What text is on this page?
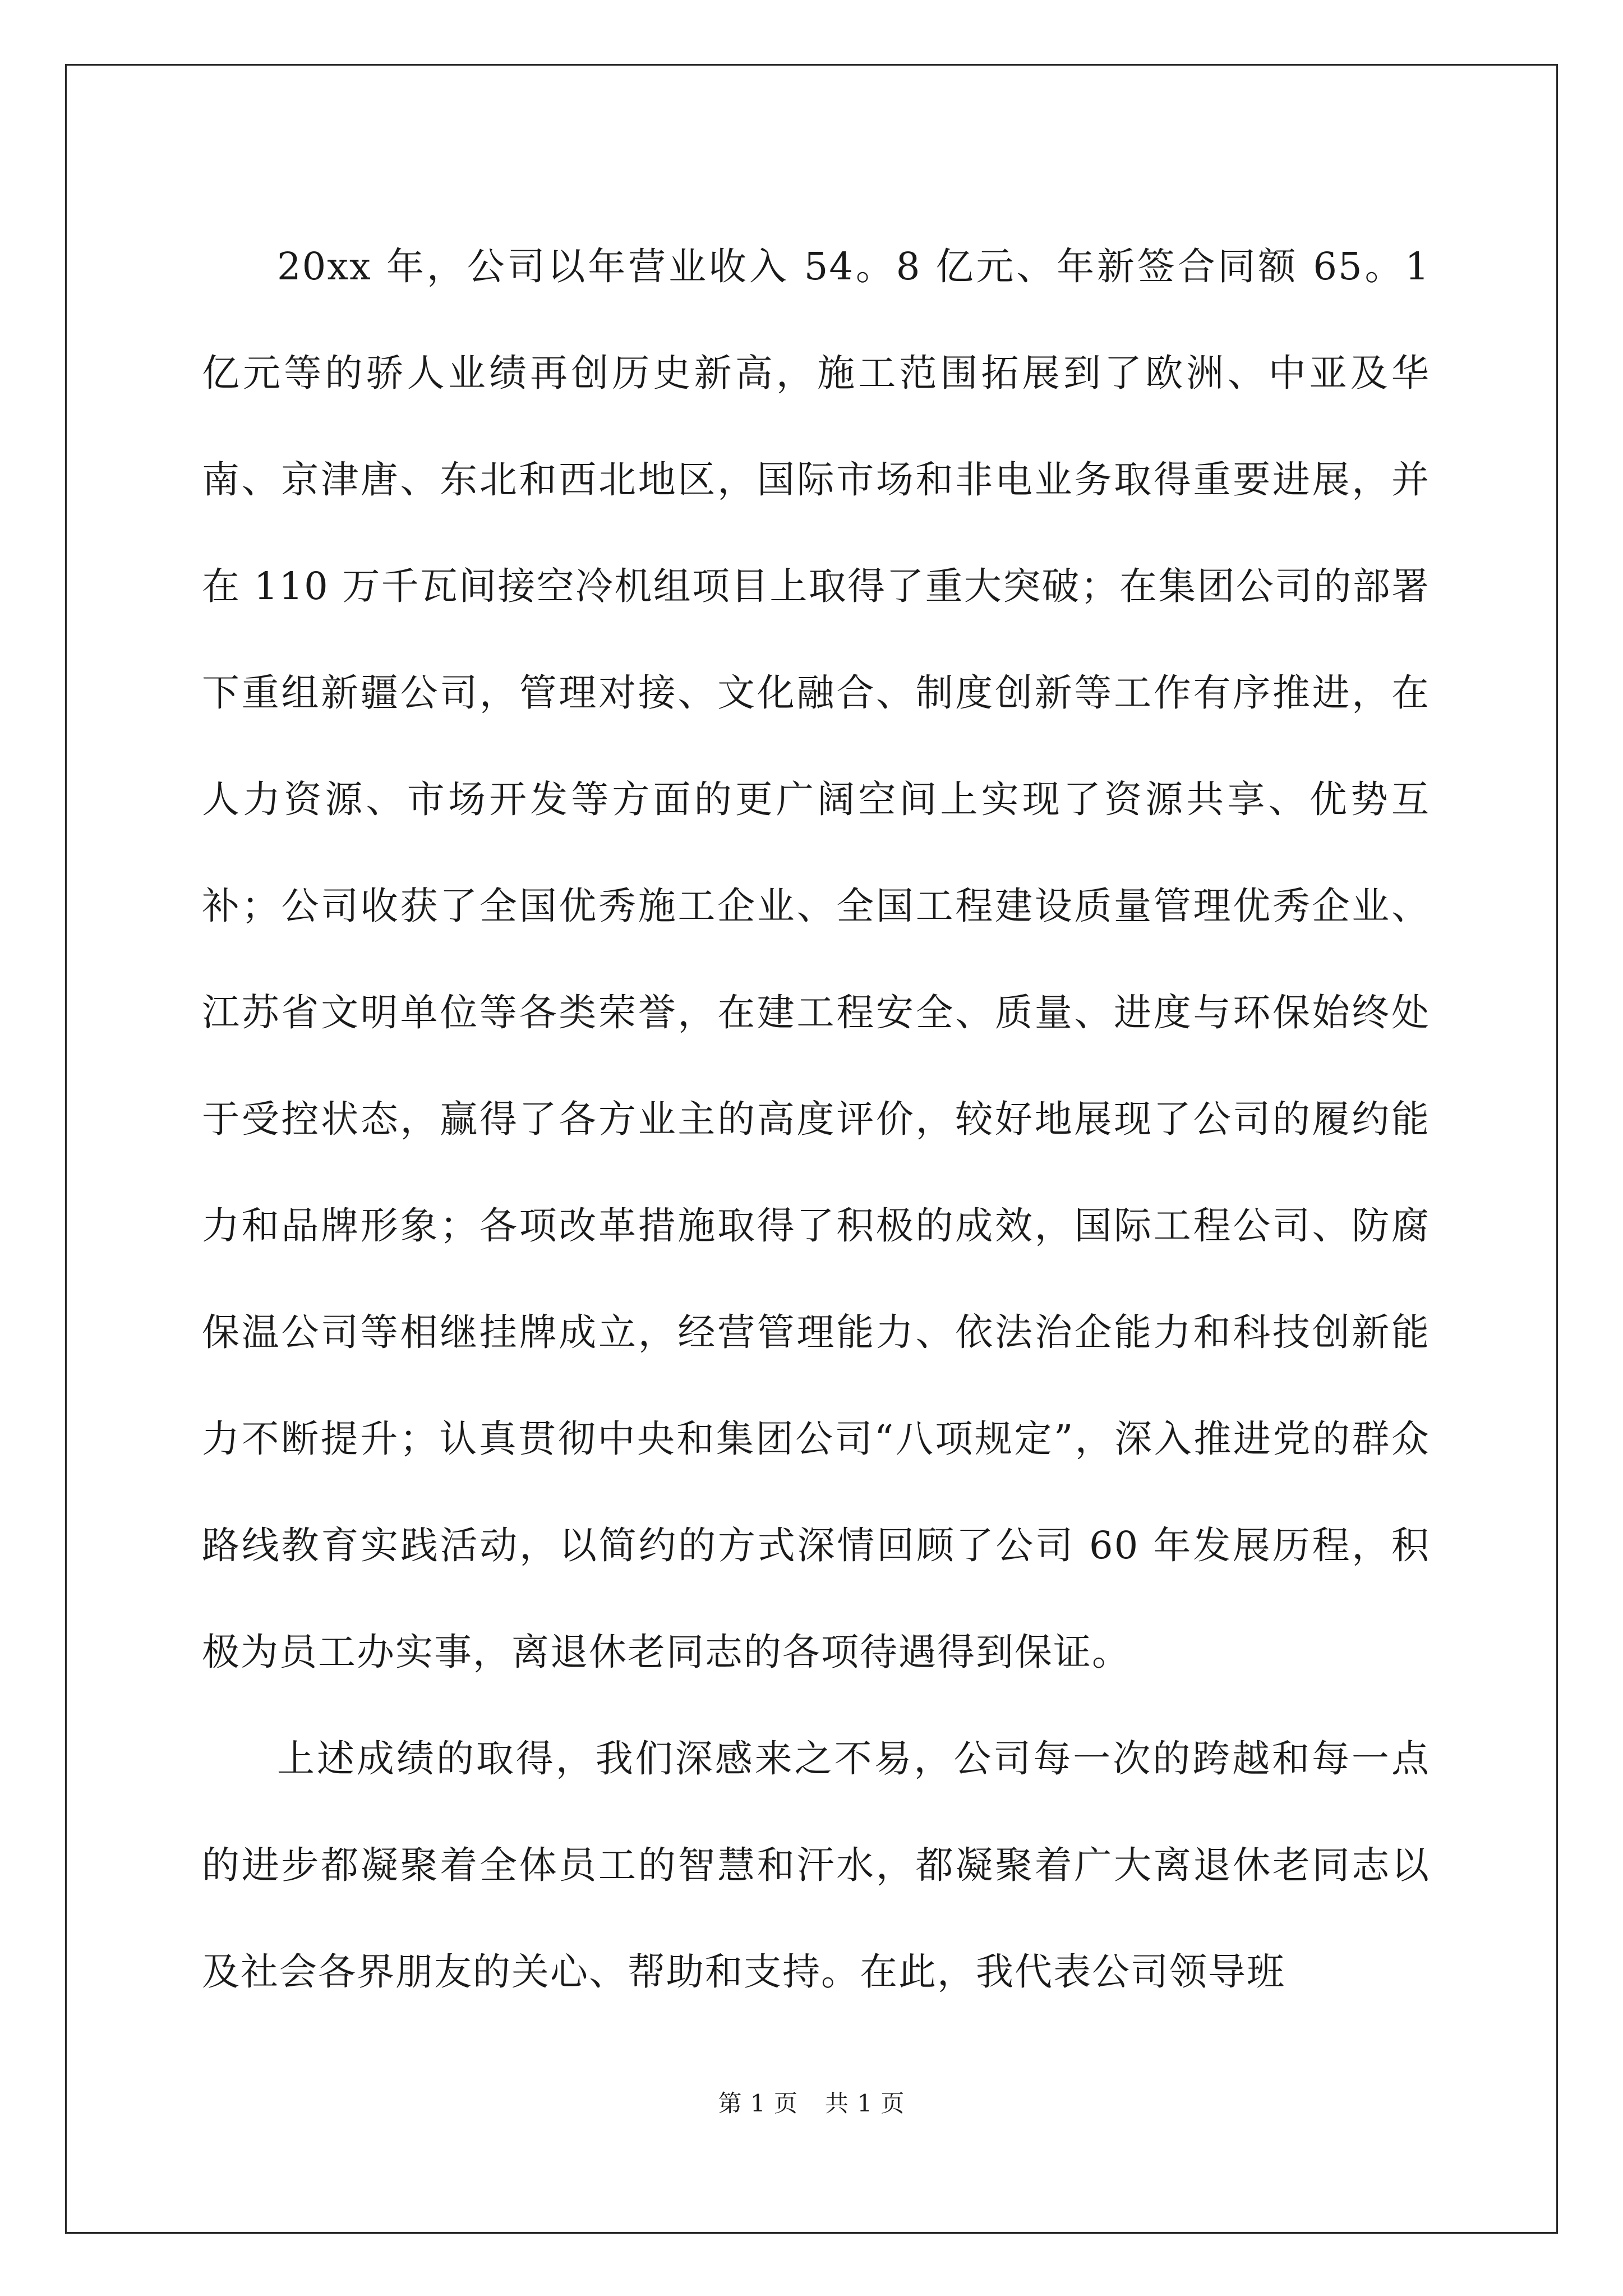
20xx 年，公司以年营业收入 54。8 亿元、年新签合同额 65。1 亿元等的骄人业绩再创历史新高，施工范围拓展到了欧洲、中亚及华南、京津唐、东北和西北地区，国际市场和非电业务取得重要进展，并在 110 万千瓦间接空冷机组项目上取得了重大突破；在集团公司的部署下重组新疆公司，管理对接、文化融合、制度创新等工作有序推进，在人力资源、市场开发等方面的更广阔空间上实现了资源共享、优势互补；公司收获了全国优秀施工企业、全国工程建设质量管理优秀企业、江苏省文明单位等各类荣誉，在建工程安全、质量、进度与环保始终处于受控状态，赢得了各方业主的高度评价，较好地展现了公司的履约能力和品牌形象；各项改革措施取得了积极的成效，国际工程公司、防腐保温公司等相继挂牌成立，经营管理能力、依法治企能力和科技创新能力不断提升；认真贯彻中央和集团公司“八项规定”，深入推进党的群众路线教育实践活动，以简约的方式深情回顾了公司 60 年发展历程，积极为员工办实事，离退休老同志的各项待遇得到保证。

上述成绩的取得，我们深感来之不易，公司每一次的跨越和每一点的进步都凝聚着全体员工的智慧和汗水，都凝聚着广大离退休老同志以及社会各界朋友的关心、帮助和支持。在此，我代表公司领导班

第 1 页 共 1 页
